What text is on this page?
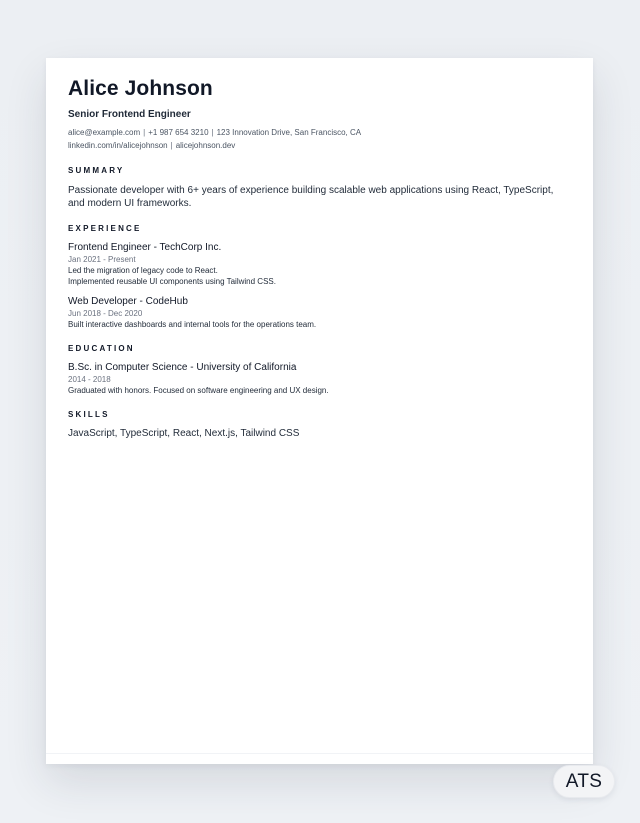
Alice Johnson
Senior Frontend Engineer
alice@example.com | +1 987 654 3210 | 123 Innovation Drive, San Francisco, CA
linkedin.com/in/alicejohnson | alicejohnson.dev
SUMMARY
Passionate developer with 6+ years of experience building scalable web applications using React, TypeScript, and modern UI frameworks.
EXPERIENCE
Frontend Engineer - TechCorp Inc.
Jan 2021 - Present
Led the migration of legacy code to React.
Implemented reusable UI components using Tailwind CSS.
Web Developer - CodeHub
Jun 2018 - Dec 2020
Built interactive dashboards and internal tools for the operations team.
EDUCATION
B.Sc. in Computer Science - University of California
2014 - 2018
Graduated with honors. Focused on software engineering and UX design.
SKILLS
JavaScript, TypeScript, React, Next.js, Tailwind CSS
ATS
